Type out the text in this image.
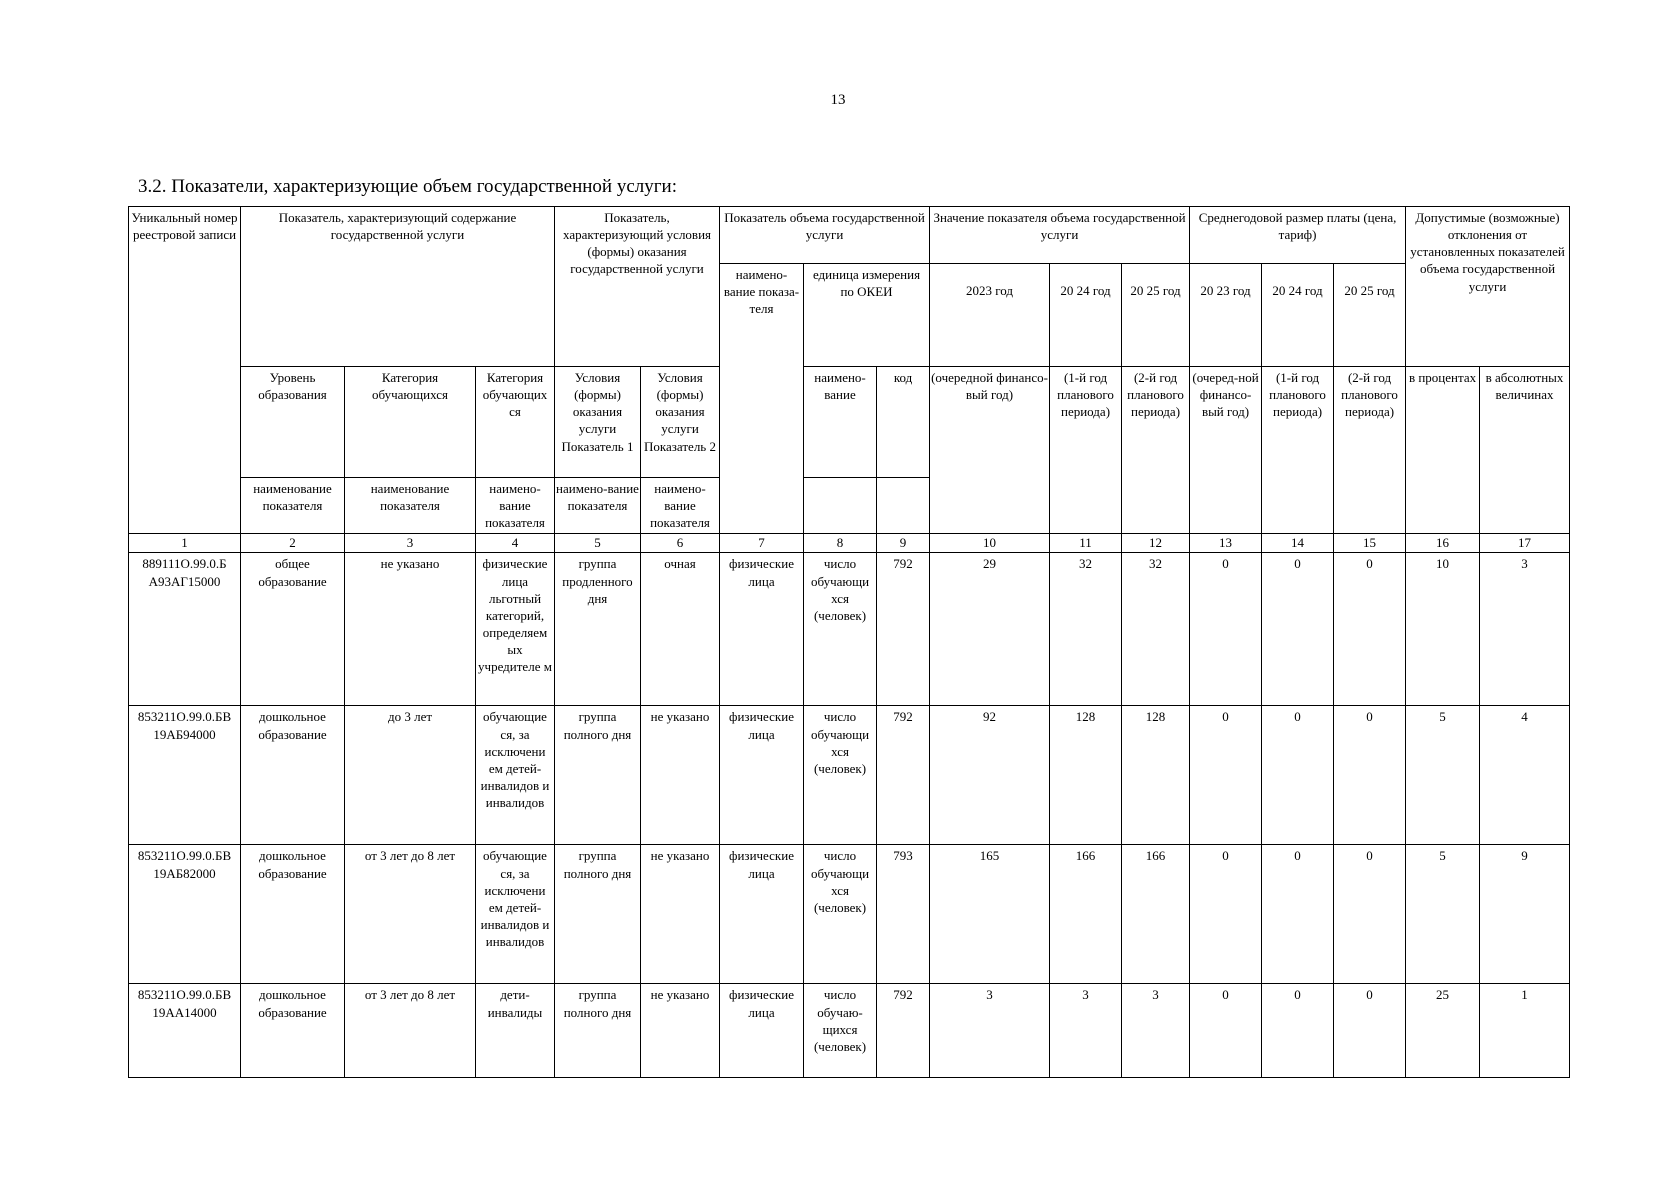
13
3.2. Показатели, характеризующие объем государственной услуги:
Уникальный номер реестровой записи	Показатель, характеризующий содержание государственной услуги			Показатель, характеризующий условия (формы) оказания государственной услуги		Показатель объема государственной услуги			Значение показателя объема государственной услуги			Среднегодовой размер платы (цена, тариф)			Допустимые (возможные) отклонения от установленных показателей объема государственной услуги	
						наимено-вание показа-теля	единица измерения по ОКЕИ		2023 год	20 24 год	20 25 год	20 23 год	20 24 год	20 25 год		
	Уровень образования	Категория обучающихся	Категория обучающих ся	Условия (формы) оказания услуги Показатель 1	Условия (формы) оказания услуги Показатель 2		наимено-вание	код	(очередной финансо-вый год)	(1-й год планового периода)	(2-й год планового периода)	(очеред-ной финансо-вый год)	(1-й год планового периода)	(2-й год планового периода)	в процентах	в абсолютных величинах
	наименование показателя	наименование показателя	наимено-вание показателя	наимено-вание показателя	наимено-вание показателя											
1	2	3	4	5	6	7	8	9	10	11	12	13	14	15	16	17
889111О.99.0.Б А93АГ15000	общее образование	не указано	физические лица льготный категорий, определяем ых учредителе м	группа продленного дня	очная	физические лица	число обучающи хся (человек)	792	29	32	32	0	0	0	10	3
853211О.99.0.БВ 19АБ94000	дошкольное образование	до 3 лет	обучающие ся, за исключени ем детей-инвалидов и инвалидов	группа полного дня	не указано	физические лица	число обучающи хся (человек)	792	92	128	128	0	0	0	5	4
853211О.99.0.БВ 19АБ82000	дошкольное образование	от 3 лет до 8 лет	обучающие ся, за исключени ем детей-инвалидов и инвалидов	группа полного дня	не указано	физические лица	число обучающи хся (человек)	793	165	166	166	0	0	0	5	9
853211О.99.0.БВ 19АА14000	дошкольное образование	от 3 лет до 8 лет	дети-инвалиды	группа полного дня	не указано	физические лица	число обучаю-щихся (человек)	792	3	3	3	0	0	0	25	1
